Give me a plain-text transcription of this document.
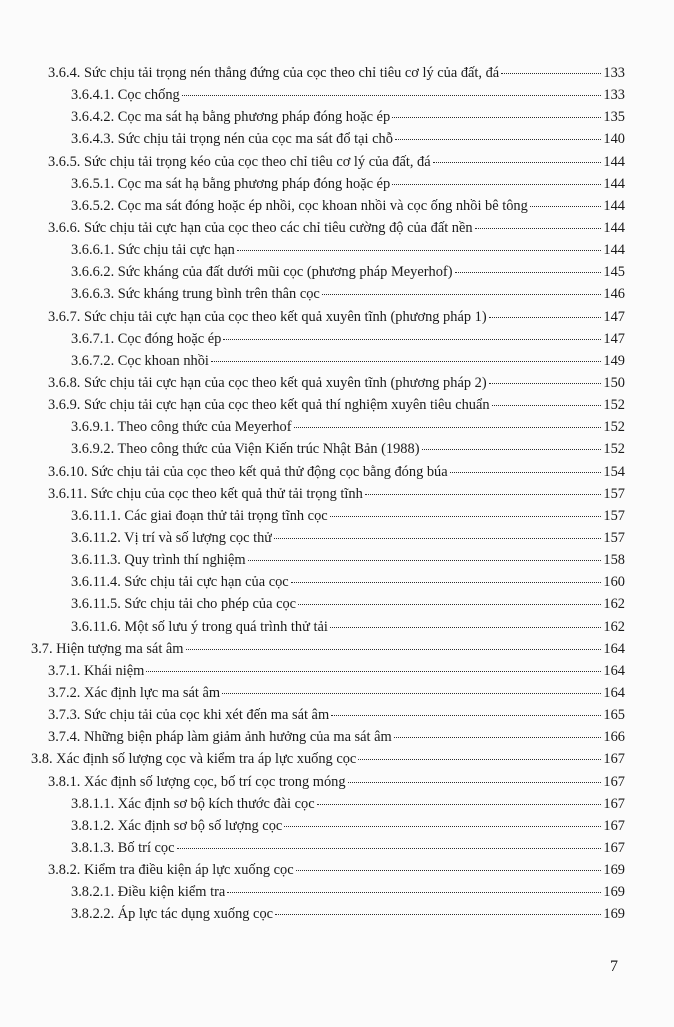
3.6.4. Sức chịu tải trọng nén thẳng đứng của cọc theo chỉ tiêu cơ lý của đất, đá	133
3.6.4.1. Cọc chống	133
3.6.4.2. Cọc ma sát hạ bằng phương pháp đóng hoặc ép	135
3.6.4.3. Sức chịu tải trọng nén của cọc ma sát đổ tại chỗ	140
3.6.5. Sức chịu tải trọng kéo của cọc theo chỉ tiêu cơ lý của đất, đá	144
3.6.5.1. Cọc ma sát hạ bằng phương pháp đóng hoặc ép	144
3.6.5.2. Cọc ma sát đóng hoặc ép nhồi, cọc khoan nhồi và cọc ống nhồi bê tông	144
3.6.6. Sức chịu tải cực hạn của cọc theo các chỉ tiêu cường độ của đất nền	144
3.6.6.1. Sức chịu tải cực hạn	144
3.6.6.2. Sức kháng của đất dưới mũi cọc (phương pháp Meyerhof)	145
3.6.6.3. Sức kháng trung bình trên thân cọc	146
3.6.7. Sức chịu tải cực hạn của cọc theo kết quả xuyên tĩnh (phương pháp 1)	147
3.6.7.1. Cọc đóng hoặc ép	147
3.6.7.2. Cọc khoan nhồi	149
3.6.8. Sức chịu tải cực hạn của cọc theo kết quả xuyên tĩnh (phương pháp 2)	150
3.6.9. Sức chịu tải cực hạn của cọc theo kết quả thí nghiệm xuyên tiêu chuẩn	152
3.6.9.1. Theo công thức của Meyerhof	152
3.6.9.2. Theo công thức của Viện Kiến trúc Nhật Bản (1988)	152
3.6.10. Sức chịu tải của cọc theo kết quả thử động cọc bằng đóng búa	154
3.6.11. Sức chịu của cọc theo kết quả thử tải trọng tĩnh	157
3.6.11.1. Các giai đoạn thử tải trọng tĩnh cọc	157
3.6.11.2. Vị trí và số lượng cọc thử	157
3.6.11.3. Quy trình thí nghiệm	158
3.6.11.4. Sức chịu tải cực hạn của cọc	160
3.6.11.5. Sức chịu tải cho phép của cọc	162
3.6.11.6. Một số lưu ý trong quá trình thử tải	162
3.7. Hiện tượng ma sát âm	164
3.7.1. Khái niệm	164
3.7.2. Xác định lực ma sát âm	164
3.7.3. Sức chịu tải của cọc khi xét đến ma sát âm	165
3.7.4. Những biện pháp làm giảm ảnh hưởng của ma sát âm	166
3.8. Xác định số lượng cọc và kiểm tra áp lực xuống cọc	167
3.8.1. Xác định số lượng cọc, bố trí cọc trong móng	167
3.8.1.1. Xác định sơ bộ kích thước đài cọc	167
3.8.1.2. Xác định sơ bộ số lượng cọc	167
3.8.1.3. Bố trí cọc	167
3.8.2. Kiểm tra điều kiện áp lực xuống cọc	169
3.8.2.1. Điều kiện kiểm tra	169
3.8.2.2. Áp lực tác dụng xuống cọc	169
7
